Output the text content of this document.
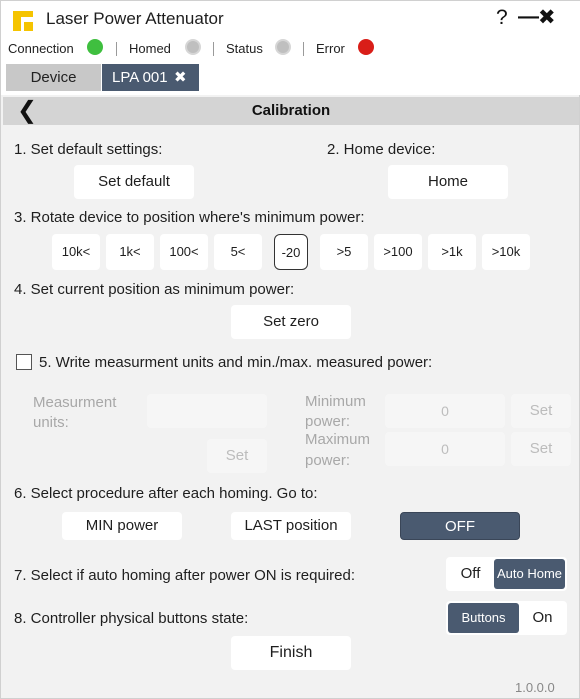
Laser Power Attenuator	? — ✖
Connection	Homed	Status	Error
Device	LPA 001 ✖
❮	Calibration
1. Set default settings:
Set default
2. Home device:
Home
3. Rotate device to position where's minimum power:
10k<	1k<	100<	5<	-20	>5	>100	>1k	>10k
4. Set current position as minimum power:
Set zero
5. Write measurment units and min./max. measured power:
Measurment
units:
Set
Minimum
power:
0	Set
Maximum
power:
0	Set
6. Select procedure after each homing. Go to:
MIN power	LAST position	OFF
7. Select if auto homing after power ON is required:	Off	Auto Home
8. Controller physical buttons state:	Buttons	On
Finish
1.0.0.0
